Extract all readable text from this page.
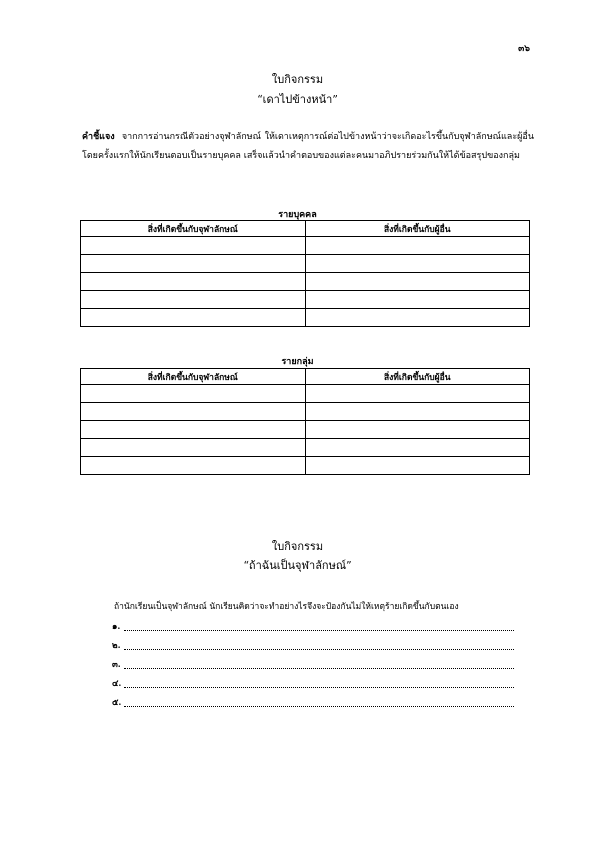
๓๖
ใบกิจกรรม
“เดาไปข้างหน้า”
คำชี้แจง จากการอ่านกรณีตัวอย่างจุฬาลักษณ์ ให้เดาเหตุการณ์ต่อไปข้างหน้าว่าจะเกิดอะไรขึ้นกับจุฬาลักษณ์และผู้อื่น โดยครั้งแรกให้นักเรียนตอบเป็นรายบุคคล เสร็จแล้วนำคำตอบของแต่ละคนมาอภิปรายร่วมกันให้ได้ข้อสรุปของกลุ่ม
รายบุคคล
สิ่งที่เกิดขึ้นกับจุฬาลักษณ์	สิ่งที่เกิดขึ้นกับผู้อื่น

รายกลุ่ม
สิ่งที่เกิดขึ้นกับจุฬาลักษณ์	สิ่งที่เกิดขึ้นกับผู้อื่น

ใบกิจกรรม
“ถ้าฉันเป็นจุฬาลักษณ์”
ถ้านักเรียนเป็นจุฬาลักษณ์ นักเรียนคิดว่าจะทำอย่างไรจึงจะป้องกันไม่ให้เหตุร้ายเกิดขึ้นกับตนเอง
๑.
๒.
๓.
๔.
๕.
